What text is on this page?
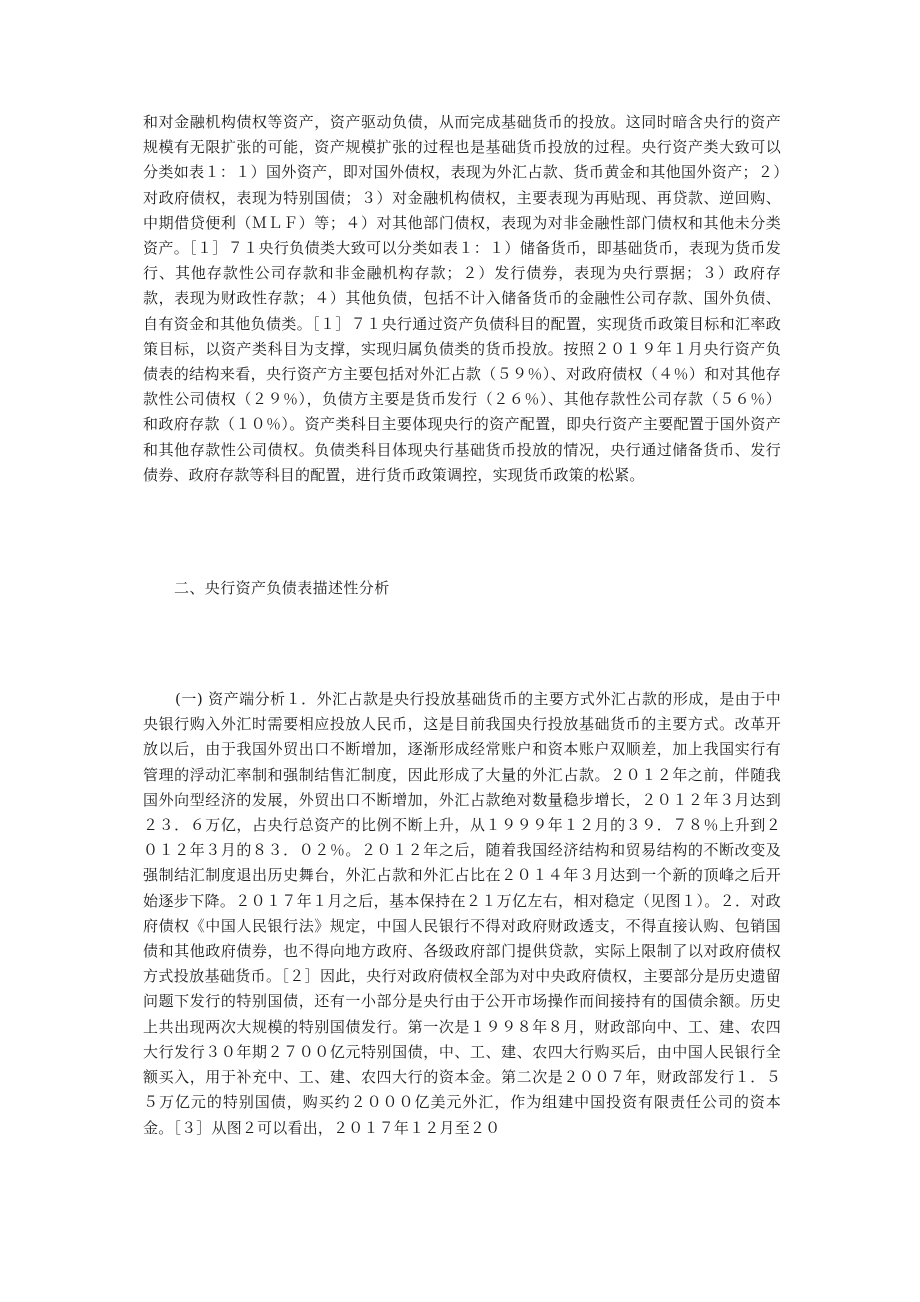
和对金融机构债权等资产，资产驱动负债，从而完成基础货币的投放。这同时暗含央行的资产规模有无限扩张的可能，资产规模扩张的过程也是基础货币投放的过程。央行资产类大致可以分类如表１：１）国外资产，即对国外债权，表现为外汇占款、货币黄金和其他国外资产；２）对政府债权，表现为特别国债；３）对金融机构债权，主要表现为再贴现、再贷款、逆回购、中期借贷便利（ＭＬＦ）等；４）对其他部门债权，表现为对非金融性部门债权和其他未分类资产。［１］７１央行负债类大致可以分类如表１：１）储备货币，即基础货币，表现为货币发行、其他存款性公司存款和非金融机构存款；２）发行债券，表现为央行票据；３）政府存款，表现为财政性存款；４）其他负债，包括不计入储备货币的金融性公司存款、国外负债、自有资金和其他负债类。［１］７１央行通过资产负债科目的配置，实现货币政策目标和汇率政策目标，以资产类科目为支撑，实现归属负债类的货币投放。按照２０１９年１月央行资产负债表的结构来看，央行资产方主要包括对外汇占款（５９％）、对政府债权（４％）和对其他存款性公司债权（２９％），负债方主要是货币发行（２６％）、其他存款性公司存款（５６％）和政府存款（１０％）。资产类科目主要体现央行的资产配置，即央行资产主要配置于国外资产和其他存款性公司债权。负债类科目体现央行基础货币投放的情况，央行通过储备货币、发行债券、政府存款等科目的配置，进行货币政策调控，实现货币政策的松紧。

二、央行资产负债表描述性分析

(一) 资产端分析１．外汇占款是央行投放基础货币的主要方式外汇占款的形成，是由于中央银行购入外汇时需要相应投放人民币，这是目前我国央行投放基础货币的主要方式。改革开放以后，由于我国外贸出口不断增加，逐渐形成经常账户和资本账户双顺差，加上我国实行有管理的浮动汇率制和强制结售汇制度，因此形成了大量的外汇占款。２０１２年之前，伴随我国外向型经济的发展，外贸出口不断增加，外汇占款绝对数量稳步增长，２０１２年３月达到２３．６万亿，占央行总资产的比例不断上升，从１９９９年１２月的３９．７８％上升到２０１２年３月的８３．０２％。２０１２年之后，随着我国经济结构和贸易结构的不断改变及强制结汇制度退出历史舞台，外汇占款和外汇占比在２０１４年３月达到一个新的顶峰之后开始逐步下降。２０１７年１月之后，基本保持在２１万亿左右，相对稳定（见图１）。２．对政府债权《中国人民银行法》规定，中国人民银行不得对政府财政透支，不得直接认购、包销国债和其他政府债券，也不得向地方政府、各级政府部门提供贷款，实际上限制了以对政府债权方式投放基础货币。［２］因此，央行对政府债权全部为对中央政府债权，主要部分是历史遗留问题下发行的特别国债，还有一小部分是央行由于公开市场操作而间接持有的国债余额。历史上共出现两次大规模的特别国债发行。第一次是１９９８年８月，财政部向中、工、建、农四大行发行３０年期２７００亿元特别国债，中、工、建、农四大行购买后，由中国人民银行全额买入，用于补充中、工、建、农四大行的资本金。第二次是２００７年，财政部发行１．５５万亿元的特别国债，购买约２０００亿美元外汇，作为组建中国投资有限责任公司的资本金。［３］从图２可以看出，２０１７年１２月至２０
